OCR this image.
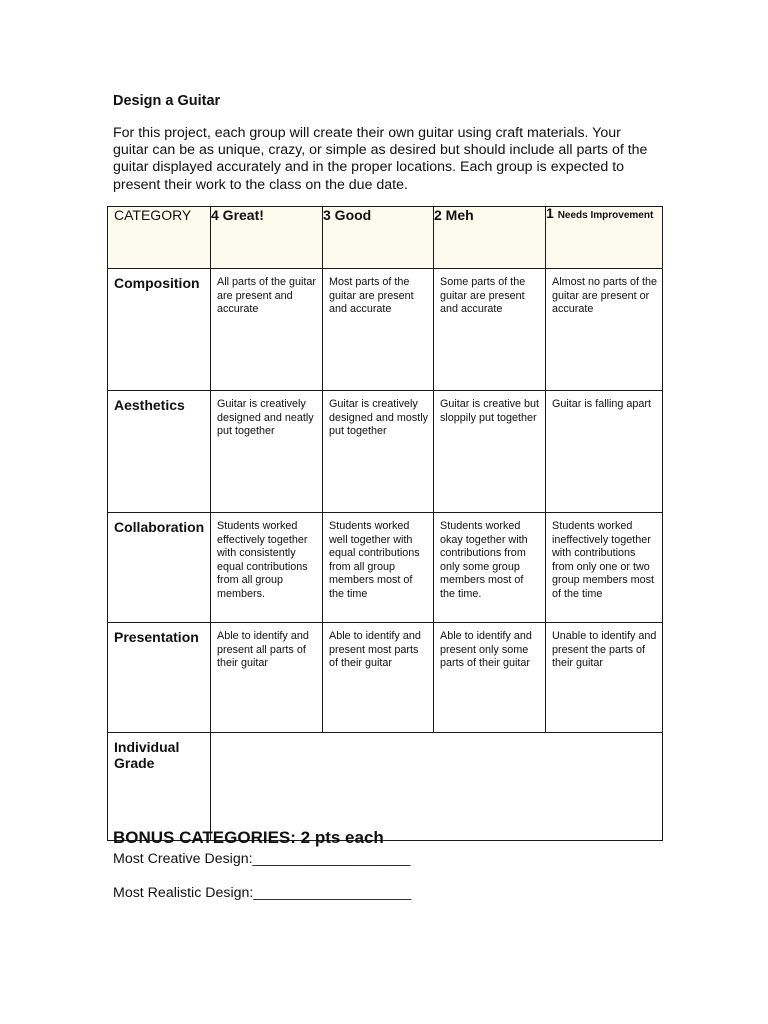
Design a Guitar

For this project, each group will create their own guitar using craft materials. Your guitar can be as unique, crazy, or simple as desired but should include all parts of the guitar displayed accurately and in the proper locations. Each group is expected to present their work to the class on the due date.

CATEGORY	4 Great!	3 Good	2 Meh	1 Needs Improvement
Composition	All parts of the guitar are present and accurate	Most parts of the guitar are present and accurate	Some parts of the guitar are present and accurate	Almost no parts of the guitar are present or accurate
Aesthetics	Guitar is creatively designed and neatly put together	Guitar is creatively designed and mostly put together	Guitar is creative but sloppily put together	Guitar is falling apart
Collaboration	Students worked effectively together with consistently equal contributions from all group members.	Students worked well together with equal contributions from all group members most of the time	Students worked okay together with contributions from only some group members most of the time.	Students worked ineffectively together with contributions from only one or two group members most of the time
Presentation	Able to identify and present all parts of their guitar	Able to identify and present most parts of their guitar	Able to identify and present only some parts of their guitar	Unable to identify and present the parts of their guitar
Individual Grade				
BONUS CATEGORIES: 2 pts each

Most Creative Design:____________________

Most Realistic Design:____________________
